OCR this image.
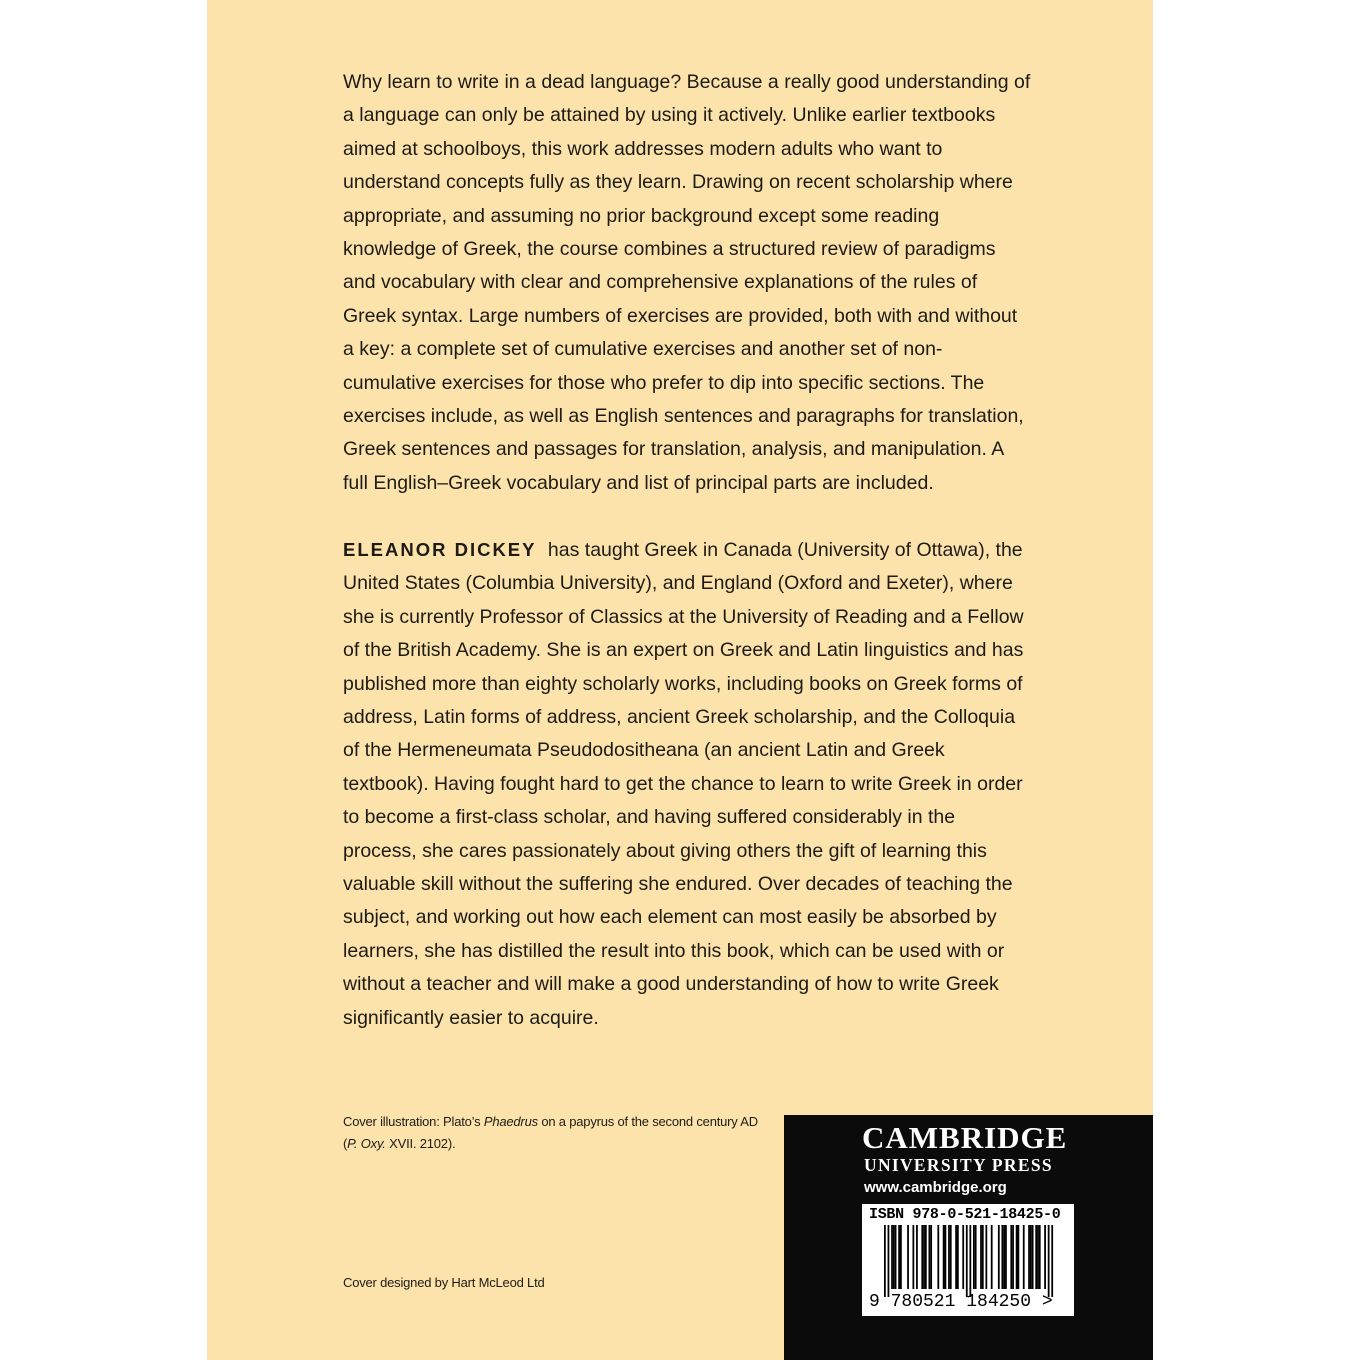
Why learn to write in a dead language? Because a really good understanding of a language can only be attained by using it actively. Unlike earlier textbooks aimed at schoolboys, this work addresses modern adults who want to understand concepts fully as they learn. Drawing on recent scholarship where appropriate, and assuming no prior background except some reading knowledge of Greek, the course combines a structured review of paradigms and vocabulary with clear and comprehensive explanations of the rules of Greek syntax. Large numbers of exercises are provided, both with and without a key: a complete set of cumulative exercises and another set of non-cumulative exercises for those who prefer to dip into specific sections. The exercises include, as well as English sentences and paragraphs for translation, Greek sentences and passages for translation, analysis, and manipulation. A full English–Greek vocabulary and list of principal parts are included.

ELEANOR DICKEY has taught Greek in Canada (University of Ottawa), the United States (Columbia University), and England (Oxford and Exeter), where she is currently Professor of Classics at the University of Reading and a Fellow of the British Academy. She is an expert on Greek and Latin linguistics and has published more than eighty scholarly works, including books on Greek forms of address, Latin forms of address, ancient Greek scholarship, and the Colloquia of the Hermeneumata Pseudodositheana (an ancient Latin and Greek textbook). Having fought hard to get the chance to learn to write Greek in order to become a first-class scholar, and having suffered considerably in the process, she cares passionately about giving others the gift of learning this valuable skill without the suffering she endured. Over decades of teaching the subject, and working out how each element can most easily be absorbed by learners, she has distilled the result into this book, which can be used with or without a teacher and will make a good understanding of how to write Greek significantly easier to acquire.

Cover illustration: Plato’s Phaedrus on a papyrus of the second century AD
(P. Oxy. XVII. 2102).
Cover designed by Hart McLeod Ltd
CAMBRIDGE
UNIVERSITY PRESS
www.cambridge.org
ISBN 978-0-521-18425-0
9 780521 184250 >
